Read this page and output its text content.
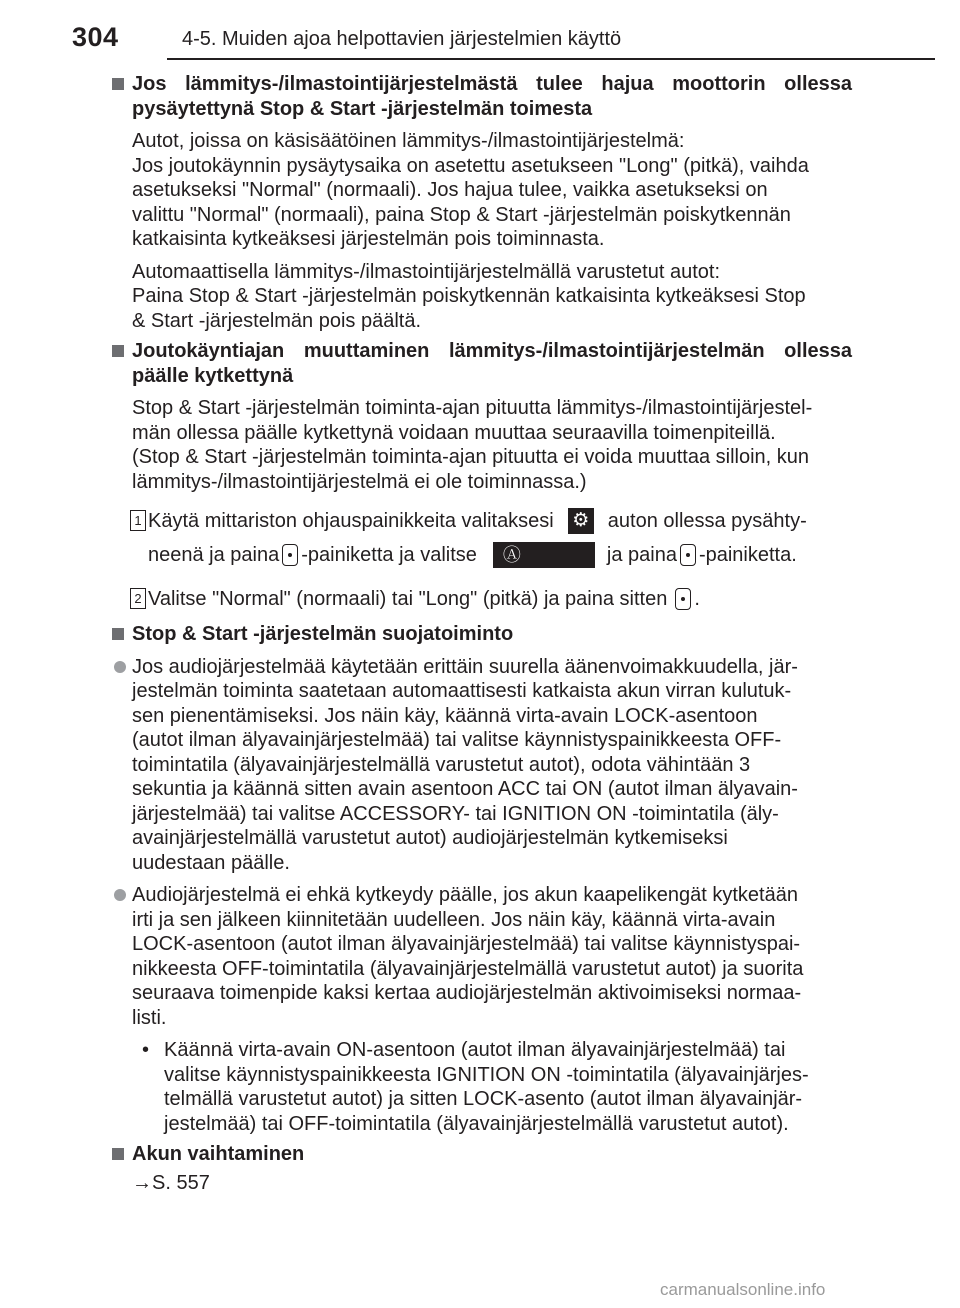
304	4-5. Muiden ajoa helpottavien järjestelmien käyttö
Jos lämmitys-/ilmastointijärjestelmästä tulee hajua moottorin ollessa pysäytettynä Stop & Start -järjestelmän toimesta
Autot, joissa on käsisäätöinen lämmitys-/ilmastointijärjestelmä:
Jos joutokäynnin pysäytysaika on asetettu asetukseen "Long" (pitkä), vaihda
asetukseksi "Normal" (normaali). Jos hajua tulee, vaikka asetukseksi on
valittu "Normal" (normaali), paina Stop & Start -järjestelmän poiskytkennän
katkaisinta kytkeäksesi järjestelmän pois toiminnasta.
Automaattisella lämmitys-/ilmastointijärjestelmällä varustetut autot:
Paina Stop & Start -järjestelmän poiskytkennän katkaisinta kytkeäksesi Stop
& Start -järjestelmän pois päältä.
Joutokäyntiajan muuttaminen lämmitys-/ilmastointijärjestelmän ollessa päälle kytkettynä
Stop & Start -järjestelmän toiminta-ajan pituutta lämmitys-/ilmastointijärjestel-
män ollessa päälle kytkettynä voidaan muuttaa seuraavilla toimenpiteillä.
(Stop & Start -järjestelmän toiminta-ajan pituutta ei voida muuttaa silloin, kun
lämmitys-/ilmastointijärjestelmä ei ole toiminnassa.)
1 Käytä mittariston ohjauspainikkeita valitaksesi ⚙ auton ollessa pysähty-
neenä ja paina -painiketta ja valitse	Ⓐ	ja paina -painiketta.
2 Valitse "Normal" (normaali) tai "Long" (pitkä) ja paina sitten .
Stop & Start -järjestelmän suojatoiminto
Jos audiojärjestelmää käytetään erittäin suurella äänenvoimakkuudella, jär-
jestelmän toiminta saatetaan automaattisesti katkaista akun virran kulutuk-
sen pienentämiseksi. Jos näin käy, käännä virta-avain LOCK-asentoon
(autot ilman älyavainjärjestelmää) tai valitse käynnistyspainikkeesta OFF-
toimintatila (älyavainjärjestelmällä varustetut autot), odota vähintään 3
sekuntia ja käännä sitten avain asentoon ACC tai ON (autot ilman älyavain-
järjestelmää) tai valitse ACCESSORY- tai IGNITION ON -toimintatila (äly-
avainjärjestelmällä varustetut autot) audiojärjestelmän kytkemiseksi
uudestaan päälle.
Audiojärjestelmä ei ehkä kytkeydy päälle, jos akun kaapelikengät kytketään
irti ja sen jälkeen kiinnitetään uudelleen. Jos näin käy, käännä virta-avain
LOCK-asentoon (autot ilman älyavainjärjestelmää) tai valitse käynnistyspai-
nikkeesta OFF-toimintatila (älyavainjärjestelmällä varustetut autot) ja suorita
seuraava toimenpide kaksi kertaa audiojärjestelmän aktivoimiseksi normaa-
listi.
• Käännä virta-avain ON-asentoon (autot ilman älyavainjärjestelmää) tai
valitse käynnistyspainikkeesta IGNITION ON -toimintatila (älyavainjärjes-
telmällä varustetut autot) ja sitten LOCK-asento (autot ilman älyavainjär-
jestelmää) tai OFF-toimintatila (älyavainjärjestelmällä varustetut autot).
Akun vaihtaminen
→S. 557
carmanualsonline.info
